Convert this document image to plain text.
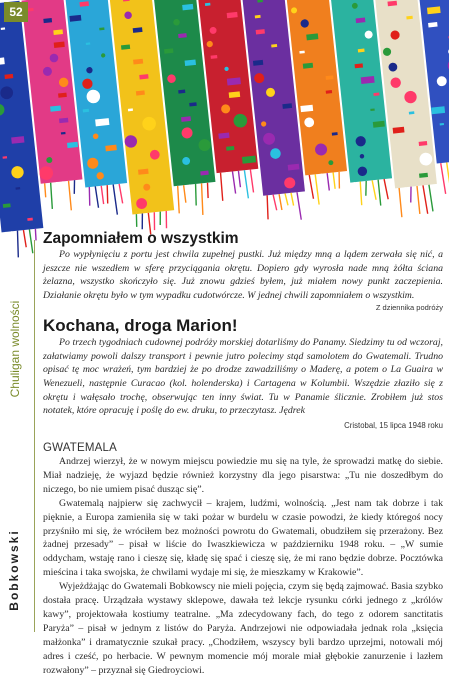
52
Chuligan wolności
Bobkowski
Zapomniałem o wszystkim

Po wypłynięciu z portu jest chwila zupełnej pustki. Już między mną a lądem zerwała się nić, a jeszcze nie wszedłem w sferę przyciągania okrętu. Dopiero gdy wyrosła nade mną żółta ściana żelazna, wszystko skończyło się. Już znowu gdzieś byłem, już miałem nowy punkt zaczepienia. Działanie okrętu było w tym wypadku cudotwórcze. W jednej chwili zapomniałem o wszystkim.

Z dziennika podróży
Kochana, droga Marion!

Po trzech tygodniach cudownej podróży morskiej dotarliśmy do Panamy. Siedzimy tu od wczoraj, załatwiamy powoli dalszy transport i pewnie jutro polecimy stąd samolotem do Gwatemali. Trudno opisać tę moc wrażeń, tym bardziej że po drodze zawadziliśmy o Maderę, a potem o La Guaira w Wenezueli, następnie Curacao (kol. holenderska) i Cartagena w Kolumbii. Wszędzie złaziło się z okrętu i wałęsało trochę, obserwując ten inny świat. Tu w Panamie ślicznie. Zrobiłem już stos notatek, które opracuję i poślę do ew. druku, to przeczytasz. Jędrek

Cristobal, 15 lipca 1948 roku
GWATEMALA

Andrzej wierzył, że w nowym miejscu powiedzie mu się na tyle, że sprowadzi matkę do siebie. Miał nadzieję, że wyjazd będzie również korzystny dla jego pisarstwa: „Tu nie doszedłbym do niczego, bo nie umiem pisać dusząc się”.

Gwatemalą najpierw się zachwycił – krajem, ludźmi, wolnością. „Jest nam tak dobrze i tak pięknie, a Europa zamieniła się w taki pożar w burdelu w czasie powodzi, że kiedy któregoś nocy przyśniło mi się, że wróciłem bez możności powrotu do Gwatemali, obudziłem się przerażony. Bez żadnej przesady” – pisał w liście do Iwaszkiewicza w październiku 1948 roku. – „W sumie oddycham, wstaję rano i cieszę się, kładę się spać i cieszę się, że mi rano będzie dobrze. Pocztówka mieścina i taka swojska, że chwilami wydaje mi się, że mieszkamy w Krakowie”.

Wyjeżdżając do Gwatemali Bobkowscy nie mieli pojęcia, czym się będą zajmować. Basia szybko dostała pracę. Urządzała wystawy sklepowe, dawała też lekcje rysunku córki jednego z „królów kawy”, projektowała kostiumy teatralne. „Ma zdecydowany fach, do tego z odorem sanctitatis Paryża” – pisał w jednym z listów do Paryża. Andrzejowi nie odpowiadała jednak rola „księcia małżonka” i dramatycznie szukał pracy. „Chodziłem, wszyscy byli bardzo uprzejmi, notowali mój adres i cześć, po herbacie. W pewnym momencie mój morale miał głębokie zanurzenie i lazłem rozwałony” – przyznał się Giedroyciowi.
